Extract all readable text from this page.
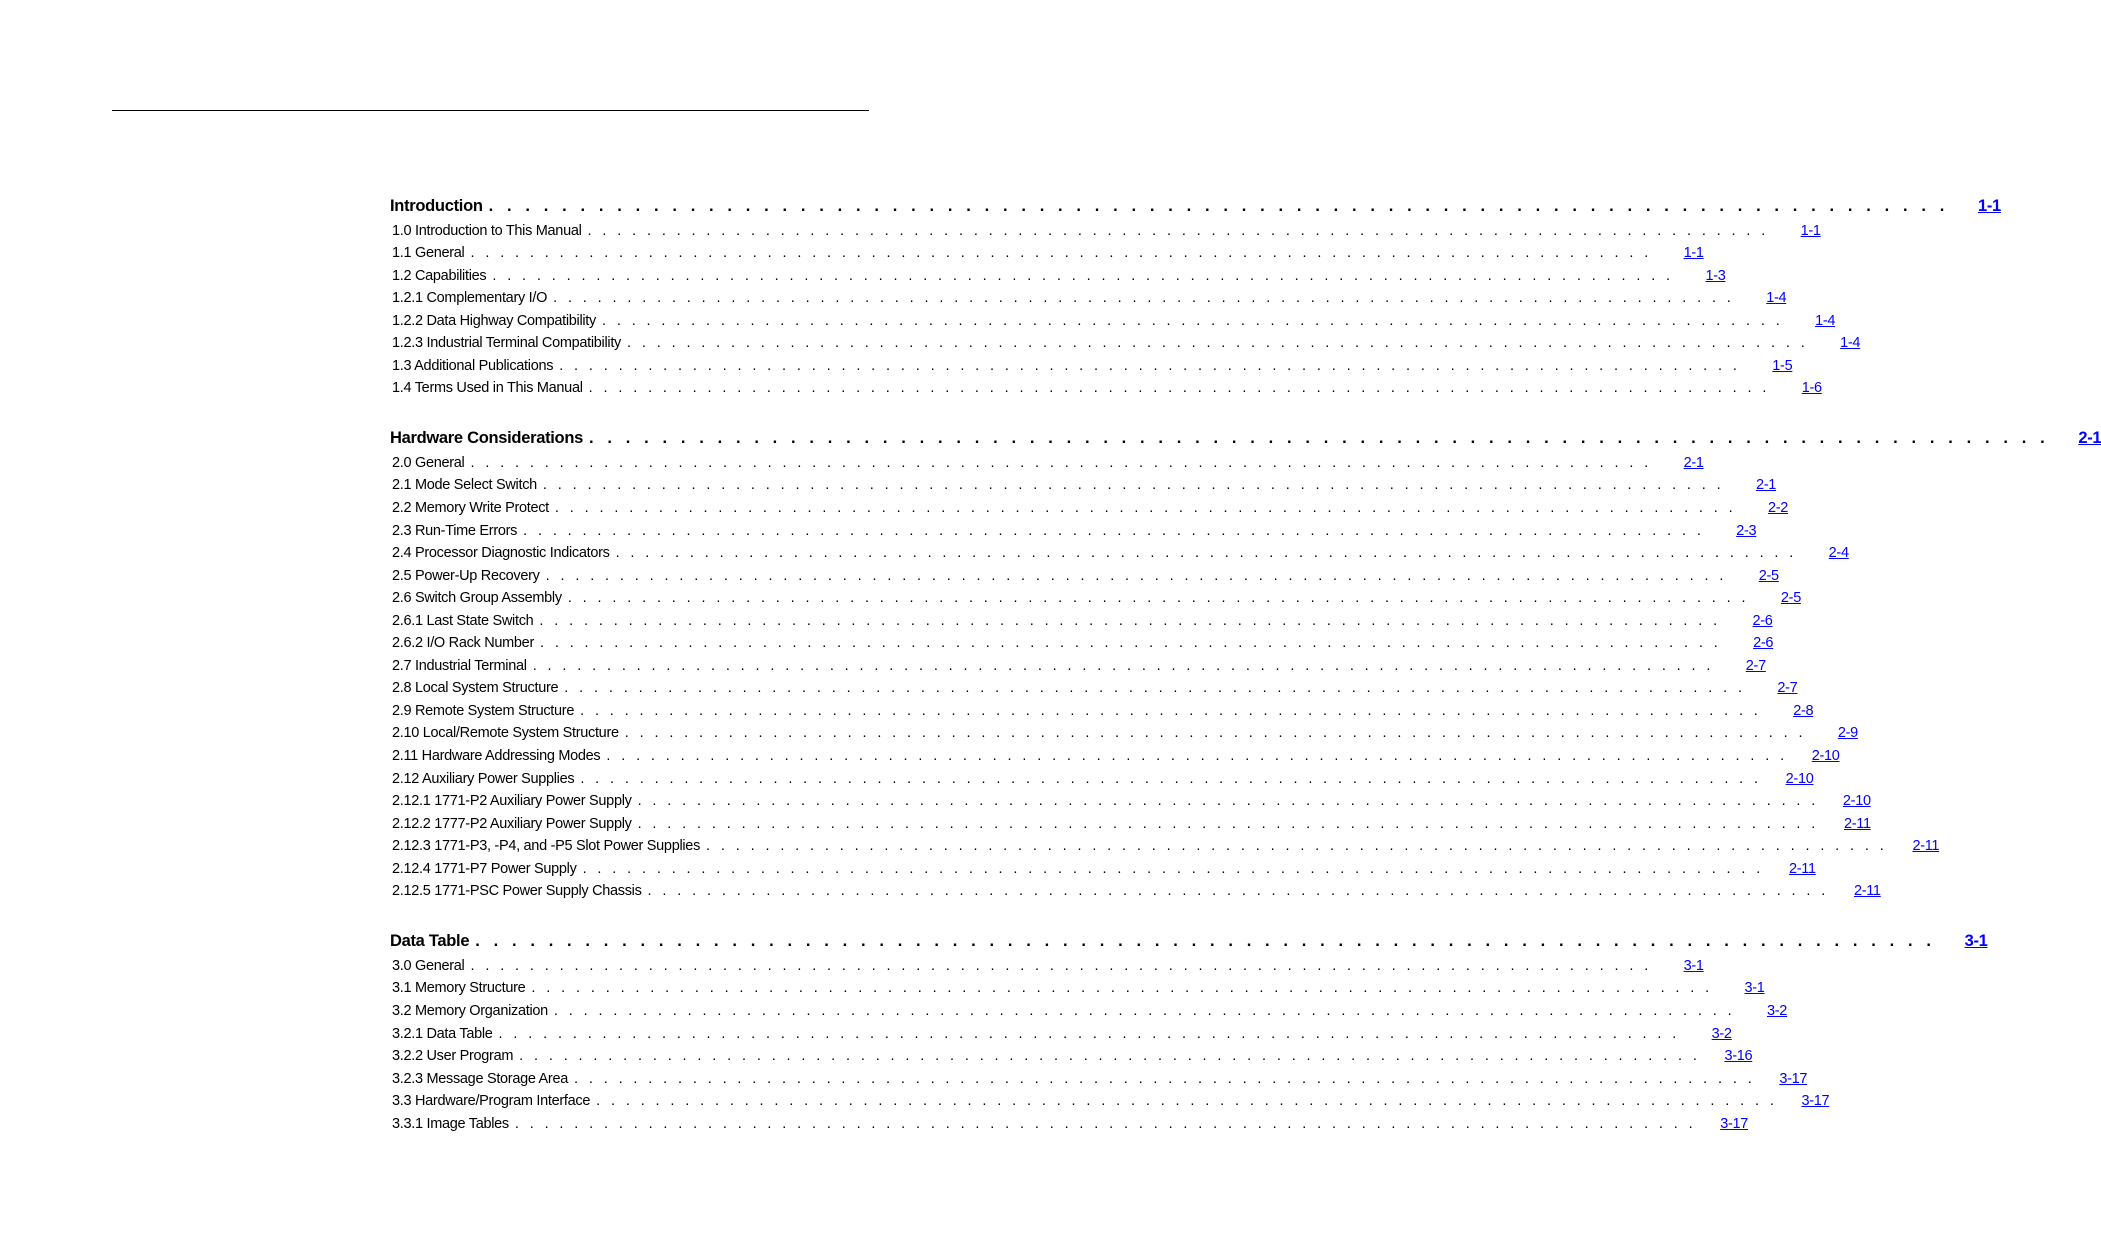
Introduction . . . . . . . . . . . . . . . . . . . . . . . . . . . . . . . . . . . . . . . . . . . . . . . . . . . . . . . . . . . . . . . . . . . . . . . . . . . . . . . .	1-1
1.0 Introduction to This Manual . . . . . . . . . . . . . . . . . . . . . . . . . . . . . . . . . . . . . . . . . . . . . . . . . . . . . . . . . . . . . . . . . . . . . . . . . . . . . . . .	1-1
1.1 General . . . . . . . . . . . . . . . . . . . . . . . . . . . . . . . . . . . . . . . . . . . . . . . . . . . . . . . . . . . . . . . . . . . . . . . . . . . . . . . .	1-1
1.2 Capabilities . . . . . . . . . . . . . . . . . . . . . . . . . . . . . . . . . . . . . . . . . . . . . . . . . . . . . . . . . . . . . . . . . . . . . . . . . . . . . . . .	1-3
1.2.1 Complementary I/O . . . . . . . . . . . . . . . . . . . . . . . . . . . . . . . . . . . . . . . . . . . . . . . . . . . . . . . . . . . . . . . . . . . . . . . . . . . . . . . .	1-4
1.2.2 Data Highway Compatibility . . . . . . . . . . . . . . . . . . . . . . . . . . . . . . . . . . . . . . . . . . . . . . . . . . . . . . . . . . . . . . . . . . . . . . . . . . . . . . . .	1-4
1.2.3 Industrial Terminal Compatibility . . . . . . . . . . . . . . . . . . . . . . . . . . . . . . . . . . . . . . . . . . . . . . . . . . . . . . . . . . . . . . . . . . . . . . . . . . . . . . . .	1-4
1.3 Additional Publications . . . . . . . . . . . . . . . . . . . . . . . . . . . . . . . . . . . . . . . . . . . . . . . . . . . . . . . . . . . . . . . . . . . . . . . . . . . . . . . .	1-5
1.4 Terms Used in This Manual . . . . . . . . . . . . . . . . . . . . . . . . . . . . . . . . . . . . . . . . . . . . . . . . . . . . . . . . . . . . . . . . . . . . . . . . . . . . . . . .	1-6
Hardware Considerations . . . . . . . . . . . . . . . . . . . . . . . . . . . . . . . . . . . . . . . . . . . . . . . . . . . . . . . . . . . . . . . . . . . . . . . . . . . . . . . .	2-1
2.0 General . . . . . . . . . . . . . . . . . . . . . . . . . . . . . . . . . . . . . . . . . . . . . . . . . . . . . . . . . . . . . . . . . . . . . . . . . . . . . . . .	2-1
2.1 Mode Select Switch . . . . . . . . . . . . . . . . . . . . . . . . . . . . . . . . . . . . . . . . . . . . . . . . . . . . . . . . . . . . . . . . . . . . . . . . . . . . . . . .	2-1
2.2 Memory Write Protect . . . . . . . . . . . . . . . . . . . . . . . . . . . . . . . . . . . . . . . . . . . . . . . . . . . . . . . . . . . . . . . . . . . . . . . . . . . . . . . .	2-2
2.3 Run-Time Errors . . . . . . . . . . . . . . . . . . . . . . . . . . . . . . . . . . . . . . . . . . . . . . . . . . . . . . . . . . . . . . . . . . . . . . . . . . . . . . . .	2-3
2.4 Processor Diagnostic Indicators . . . . . . . . . . . . . . . . . . . . . . . . . . . . . . . . . . . . . . . . . . . . . . . . . . . . . . . . . . . . . . . . . . . . . . . . . . . . . . . .	2-4
2.5 Power-Up Recovery . . . . . . . . . . . . . . . . . . . . . . . . . . . . . . . . . . . . . . . . . . . . . . . . . . . . . . . . . . . . . . . . . . . . . . . . . . . . . . . .	2-5
2.6 Switch Group Assembly . . . . . . . . . . . . . . . . . . . . . . . . . . . . . . . . . . . . . . . . . . . . . . . . . . . . . . . . . . . . . . . . . . . . . . . . . . . . . . . .	2-5
2.6.1 Last State Switch . . . . . . . . . . . . . . . . . . . . . . . . . . . . . . . . . . . . . . . . . . . . . . . . . . . . . . . . . . . . . . . . . . . . . . . . . . . . . . . .	2-6
2.6.2 I/O Rack Number . . . . . . . . . . . . . . . . . . . . . . . . . . . . . . . . . . . . . . . . . . . . . . . . . . . . . . . . . . . . . . . . . . . . . . . . . . . . . . . .	2-6
2.7 Industrial Terminal . . . . . . . . . . . . . . . . . . . . . . . . . . . . . . . . . . . . . . . . . . . . . . . . . . . . . . . . . . . . . . . . . . . . . . . . . . . . . . . .	2-7
2.8 Local System Structure . . . . . . . . . . . . . . . . . . . . . . . . . . . . . . . . . . . . . . . . . . . . . . . . . . . . . . . . . . . . . . . . . . . . . . . . . . . . . . . .	2-7
2.9 Remote System Structure . . . . . . . . . . . . . . . . . . . . . . . . . . . . . . . . . . . . . . . . . . . . . . . . . . . . . . . . . . . . . . . . . . . . . . . . . . . . . . . .	2-8
2.10 Local/Remote System Structure . . . . . . . . . . . . . . . . . . . . . . . . . . . . . . . . . . . . . . . . . . . . . . . . . . . . . . . . . . . . . . . . . . . . . . . . . . . . . . . .	2-9
2.11 Hardware Addressing Modes . . . . . . . . . . . . . . . . . . . . . . . . . . . . . . . . . . . . . . . . . . . . . . . . . . . . . . . . . . . . . . . . . . . . . . . . . . . . . . . . 2-10
2.12 Auxiliary Power Supplies . . . . . . . . . . . . . . . . . . . . . . . . . . . . . . . . . . . . . . . . . . . . . . . . . . . . . . . . . . . . . . . . . . . . . . . . . . . . . . . . 2-10
2.12.1 1771-P2 Auxiliary Power Supply . . . . . . . . . . . . . . . . . . . . . . . . . . . . . . . . . . . . . . . . . . . . . . . . . . . . . . . . . . . . . . . . . . . . . . . . . . . . . . . . 2-10
2.12.2 1777-P2 Auxiliary Power Supply . . . . . . . . . . . . . . . . . . . . . . . . . . . . . . . . . . . . . . . . . . . . . . . . . . . . . . . . . . . . . . . . . . . . . . . . . . . . . . . . 2-11
2.12.3 1771-P3, -P4, and -P5 Slot Power Supplies . . . . . . . . . . . . . . . . . . . . . . . . . . . . . . . . . . . . . . . . . . . . . . . . . . . . . . . . . . . . . . . . . . . . . . . . . . . . . . . . 2-11
2.12.4 1771-P7 Power Supply . . . . . . . . . . . . . . . . . . . . . . . . . . . . . . . . . . . . . . . . . . . . . . . . . . . . . . . . . . . . . . . . . . . . . . . . . . . . . . . . 2-11
2.12.5 1771-PSC Power Supply Chassis . . . . . . . . . . . . . . . . . . . . . . . . . . . . . . . . . . . . . . . . . . . . . . . . . . . . . . . . . . . . . . . . . . . . . . . . . . . . . . . . 2-11
Data Table . . . . . . . . . . . . . . . . . . . . . . . . . . . . . . . . . . . . . . . . . . . . . . . . . . . . . . . . . . . . . . . . . . . . . . . . . . . . . . . .	3-1
3.0 General . . . . . . . . . . . . . . . . . . . . . . . . . . . . . . . . . . . . . . . . . . . . . . . . . . . . . . . . . . . . . . . . . . . . . . . . . . . . . . . .	3-1
3.1 Memory Structure . . . . . . . . . . . . . . . . . . . . . . . . . . . . . . . . . . . . . . . . . . . . . . . . . . . . . . . . . . . . . . . . . . . . . . . . . . . . . . . .	3-1
3.2 Memory Organization . . . . . . . . . . . . . . . . . . . . . . . . . . . . . . . . . . . . . . . . . . . . . . . . . . . . . . . . . . . . . . . . . . . . . . . . . . . . . . . .	3-2
3.2.1 Data Table . . . . . . . . . . . . . . . . . . . . . . . . . . . . . . . . . . . . . . . . . . . . . . . . . . . . . . . . . . . . . . . . . . . . . . . . . . . . . . . .	3-2
3.2.2 User Program . . . . . . . . . . . . . . . . . . . . . . . . . . . . . . . . . . . . . . . . . . . . . . . . . . . . . . . . . . . . . . . . . . . . . . . . . . . . . . . . 3-16
3.2.3 Message Storage Area . . . . . . . . . . . . . . . . . . . . . . . . . . . . . . . . . . . . . . . . . . . . . . . . . . . . . . . . . . . . . . . . . . . . . . . . . . . . . . . . 3-17
3.3 Hardware/Program Interface . . . . . . . . . . . . . . . . . . . . . . . . . . . . . . . . . . . . . . . . . . . . . . . . . . . . . . . . . . . . . . . . . . . . . . . . . . . . . . . . 3-17
3.3.1 Image Tables . . . . . . . . . . . . . . . . . . . . . . . . . . . . . . . . . . . . . . . . . . . . . . . . . . . . . . . . . . . . . . . . . . . . . . . . . . . . . . . . 3-17
